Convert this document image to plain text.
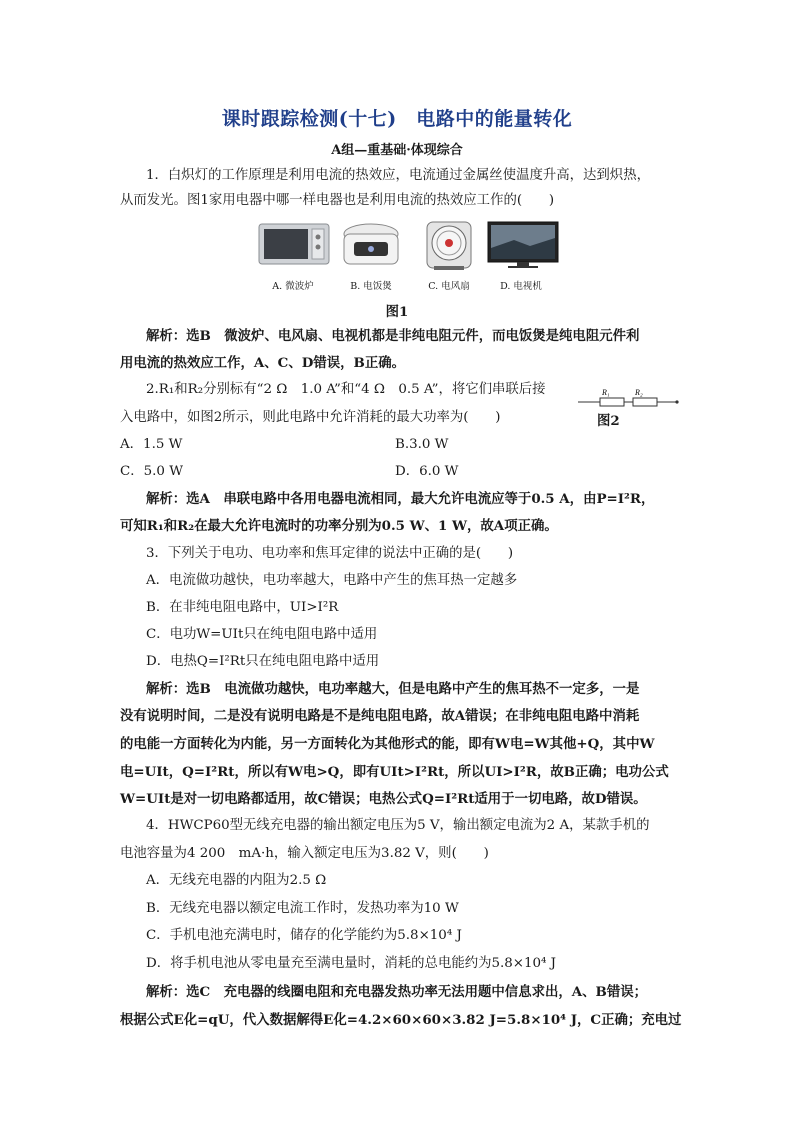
课时跟踪检测(十七)　电路中的能量转化
A组—重基础·体现综合
1．白炽灯的工作原理是利用电流的热效应，电流通过金属丝使温度升高，达到炽热，
从而发光。图1家用电器中哪一样电器也是利用电流的热效应工作的(　　)
A. 微波炉	B. 电饭煲	C. 电风扇	D. 电视机
图1
解析：选B　微波炉、电风扇、电视机都是非纯电阻元件，而电饭煲是纯电阻元件利
用电流的热效应工作，A、C、D错误，B正确。
2.R₁和R₂分别标有“2 Ω　1.0 A”和“4 Ω　0.5 A”，将它们串联后接
入电路中，如图2所示，则此电路中允许消耗的最大功率为(　　)
R₁	R₂
图2
A．1.5 W	B.3.0 W
C．5.0 W	D．6.0 W
解析：选A　串联电路中各用电器电流相同，最大允许电流应等于0.5 A，由P=I²R，
可知R₁和R₂在最大允许电流时的功率分别为0.5 W、1 W，故A项正确。
3．下列关于电功、电功率和焦耳定律的说法中正确的是(　　)
A．电流做功越快，电功率越大，电路中产生的焦耳热一定越多
B．在非纯电阻电路中，UI>I²R
C．电功W=UIt只在纯电阻电路中适用
D．电热Q=I²Rt只在纯电阻电路中适用
解析：选B　电流做功越快，电功率越大，但是电路中产生的焦耳热不一定多，一是
没有说明时间，二是没有说明电路是不是纯电阻电路，故A错误；在非纯电阻电路中消耗
的电能一方面转化为内能，另一方面转化为其他形式的能，即有W电=W其他+Q，其中W
电=UIt，Q=I²Rt，所以有W电>Q，即有UIt>I²Rt，所以UI>I²R，故B正确；电功公式
W=UIt是对一切电路都适用，故C错误；电热公式Q=I²Rt适用于一切电路，故D错误。
4．HWCP60型无线充电器的输出额定电压为5 V，输出额定电流为2 A，某款手机的
电池容量为4 200　mA·h，输入额定电压为3.82 V，则(　　)
A．无线充电器的内阻为2.5 Ω
B．无线充电器以额定电流工作时，发热功率为10 W
C．手机电池充满电时，储存的化学能约为5.8×10⁴ J
D．将手机电池从零电量充至满电量时，消耗的总电能约为5.8×10⁴ J
解析：选C　充电器的线圈电阻和充电器发热功率无法用题中信息求出，A、B错误；
根据公式E化=qU，代入数据解得E化=4.2×60×60×3.82 J=5.8×10⁴ J，C正确；充电过
